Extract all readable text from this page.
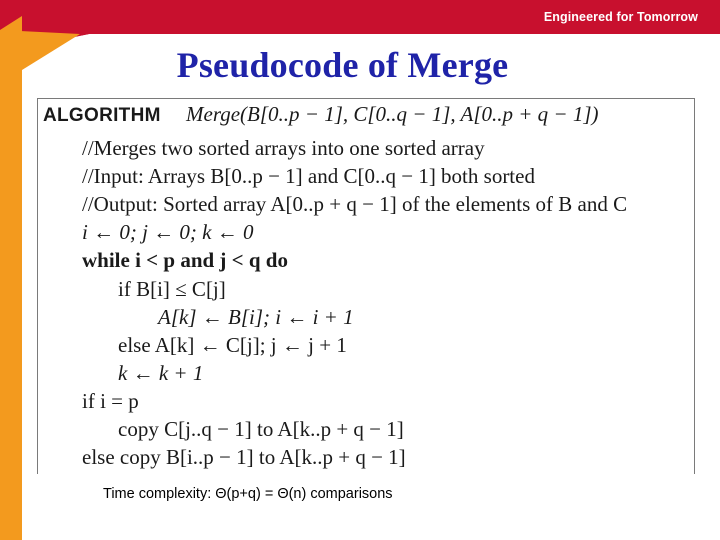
Engineered for Tomorrow
Pseudocode of Merge
ALGORITHM Merge(B[0..p − 1], C[0..q − 1], A[0..p + q − 1])
//Merges two sorted arrays into one sorted array
//Input: Arrays B[0..p − 1] and C[0..q − 1] both sorted
//Output: Sorted array A[0..p + q − 1] of the elements of B and C
i ← 0; j ← 0; k ← 0
while i < p and j < q do
if B[i] ≤ C[j]
A[k] ← B[i]; i ← i + 1
else A[k] ← C[j]; j ← j + 1
k ← k + 1
if i = p
copy C[j..q − 1] to A[k..p + q − 1]
else copy B[i..p − 1] to A[k..p + q − 1]
Time complexity: Θ(p+q) = Θ(n) comparisons
